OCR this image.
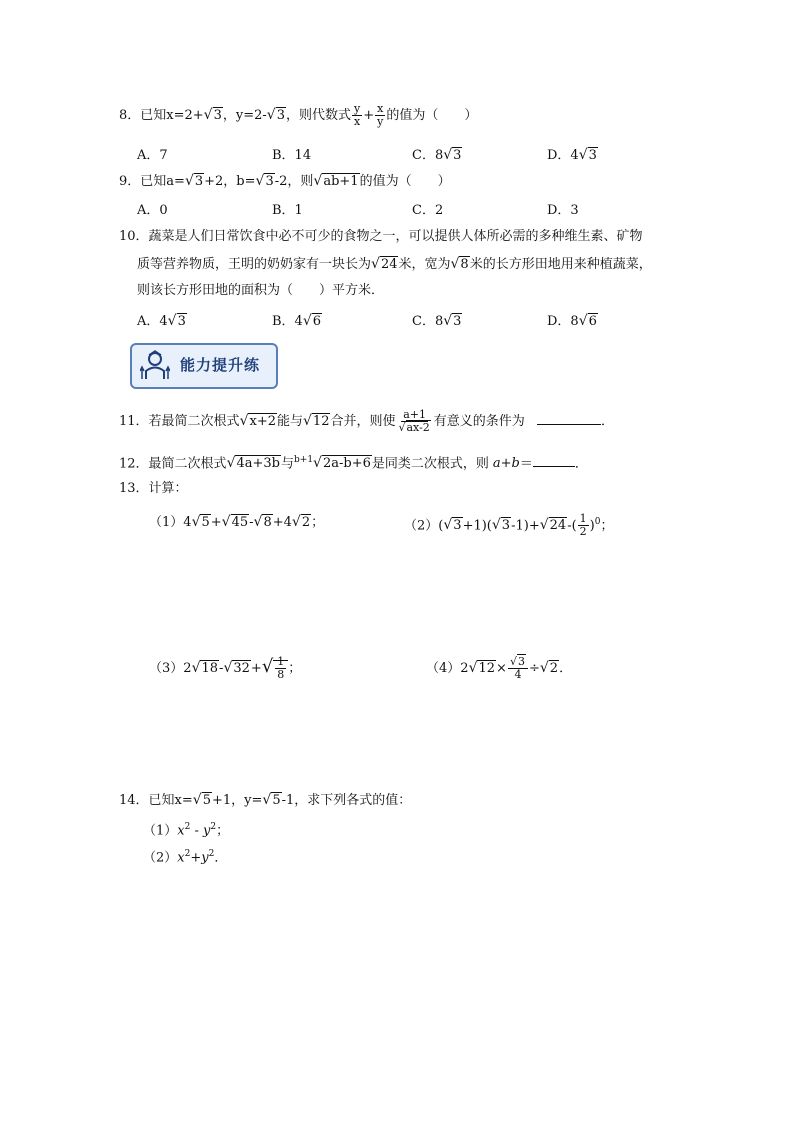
8．已知x=2+√3，y=2-√3，则代数式 $\frac{y}{x} + \frac{x}{y}$ 的值为（　　）
A．7	B．14	C．8√3	D．4√3
9．已知a=√3+2，b=√3-2，则√ab+1的值为（　　）
A．0	B．1	C．2	D．3
10．蔬菜是人们日常饮食中必不可少的食物之一，可以提供人体所必需的多种维生素、矿物
质等营养物质，王明的奶奶家有一块长为√24米，宽为√8米的长方形田地用来种植蔬菜，
则该长方形田地的面积为（　　）平方米．
A．4√3	B．4√6	C．8√3	D．8√6
能力提升练
11．若最简二次根式√x+2能与√12合并，则使 $\frac{a+1}{√ax-2}$ 有意义的条件为	．
12．最简二次根式√4a+3b与$^{b+1}$√2a-b+6是同类二次根式，则 a+b＝	．
13．计算：
（1）4√5+√45-√8+4√2；	$(2)(√3+1)(√3-1)+√24-( \frac{1}{2} )^0$；
$(3)2√18-√32+√ \frac{1}{8}$ ；	$(4)2√12\times \frac{√3}{4} \div√2$．
14．已知x=√5+1，y=√5-1，求下列各式的值：
$(1)x^2 - y^2$；
$(2)x^2+y^2$．
